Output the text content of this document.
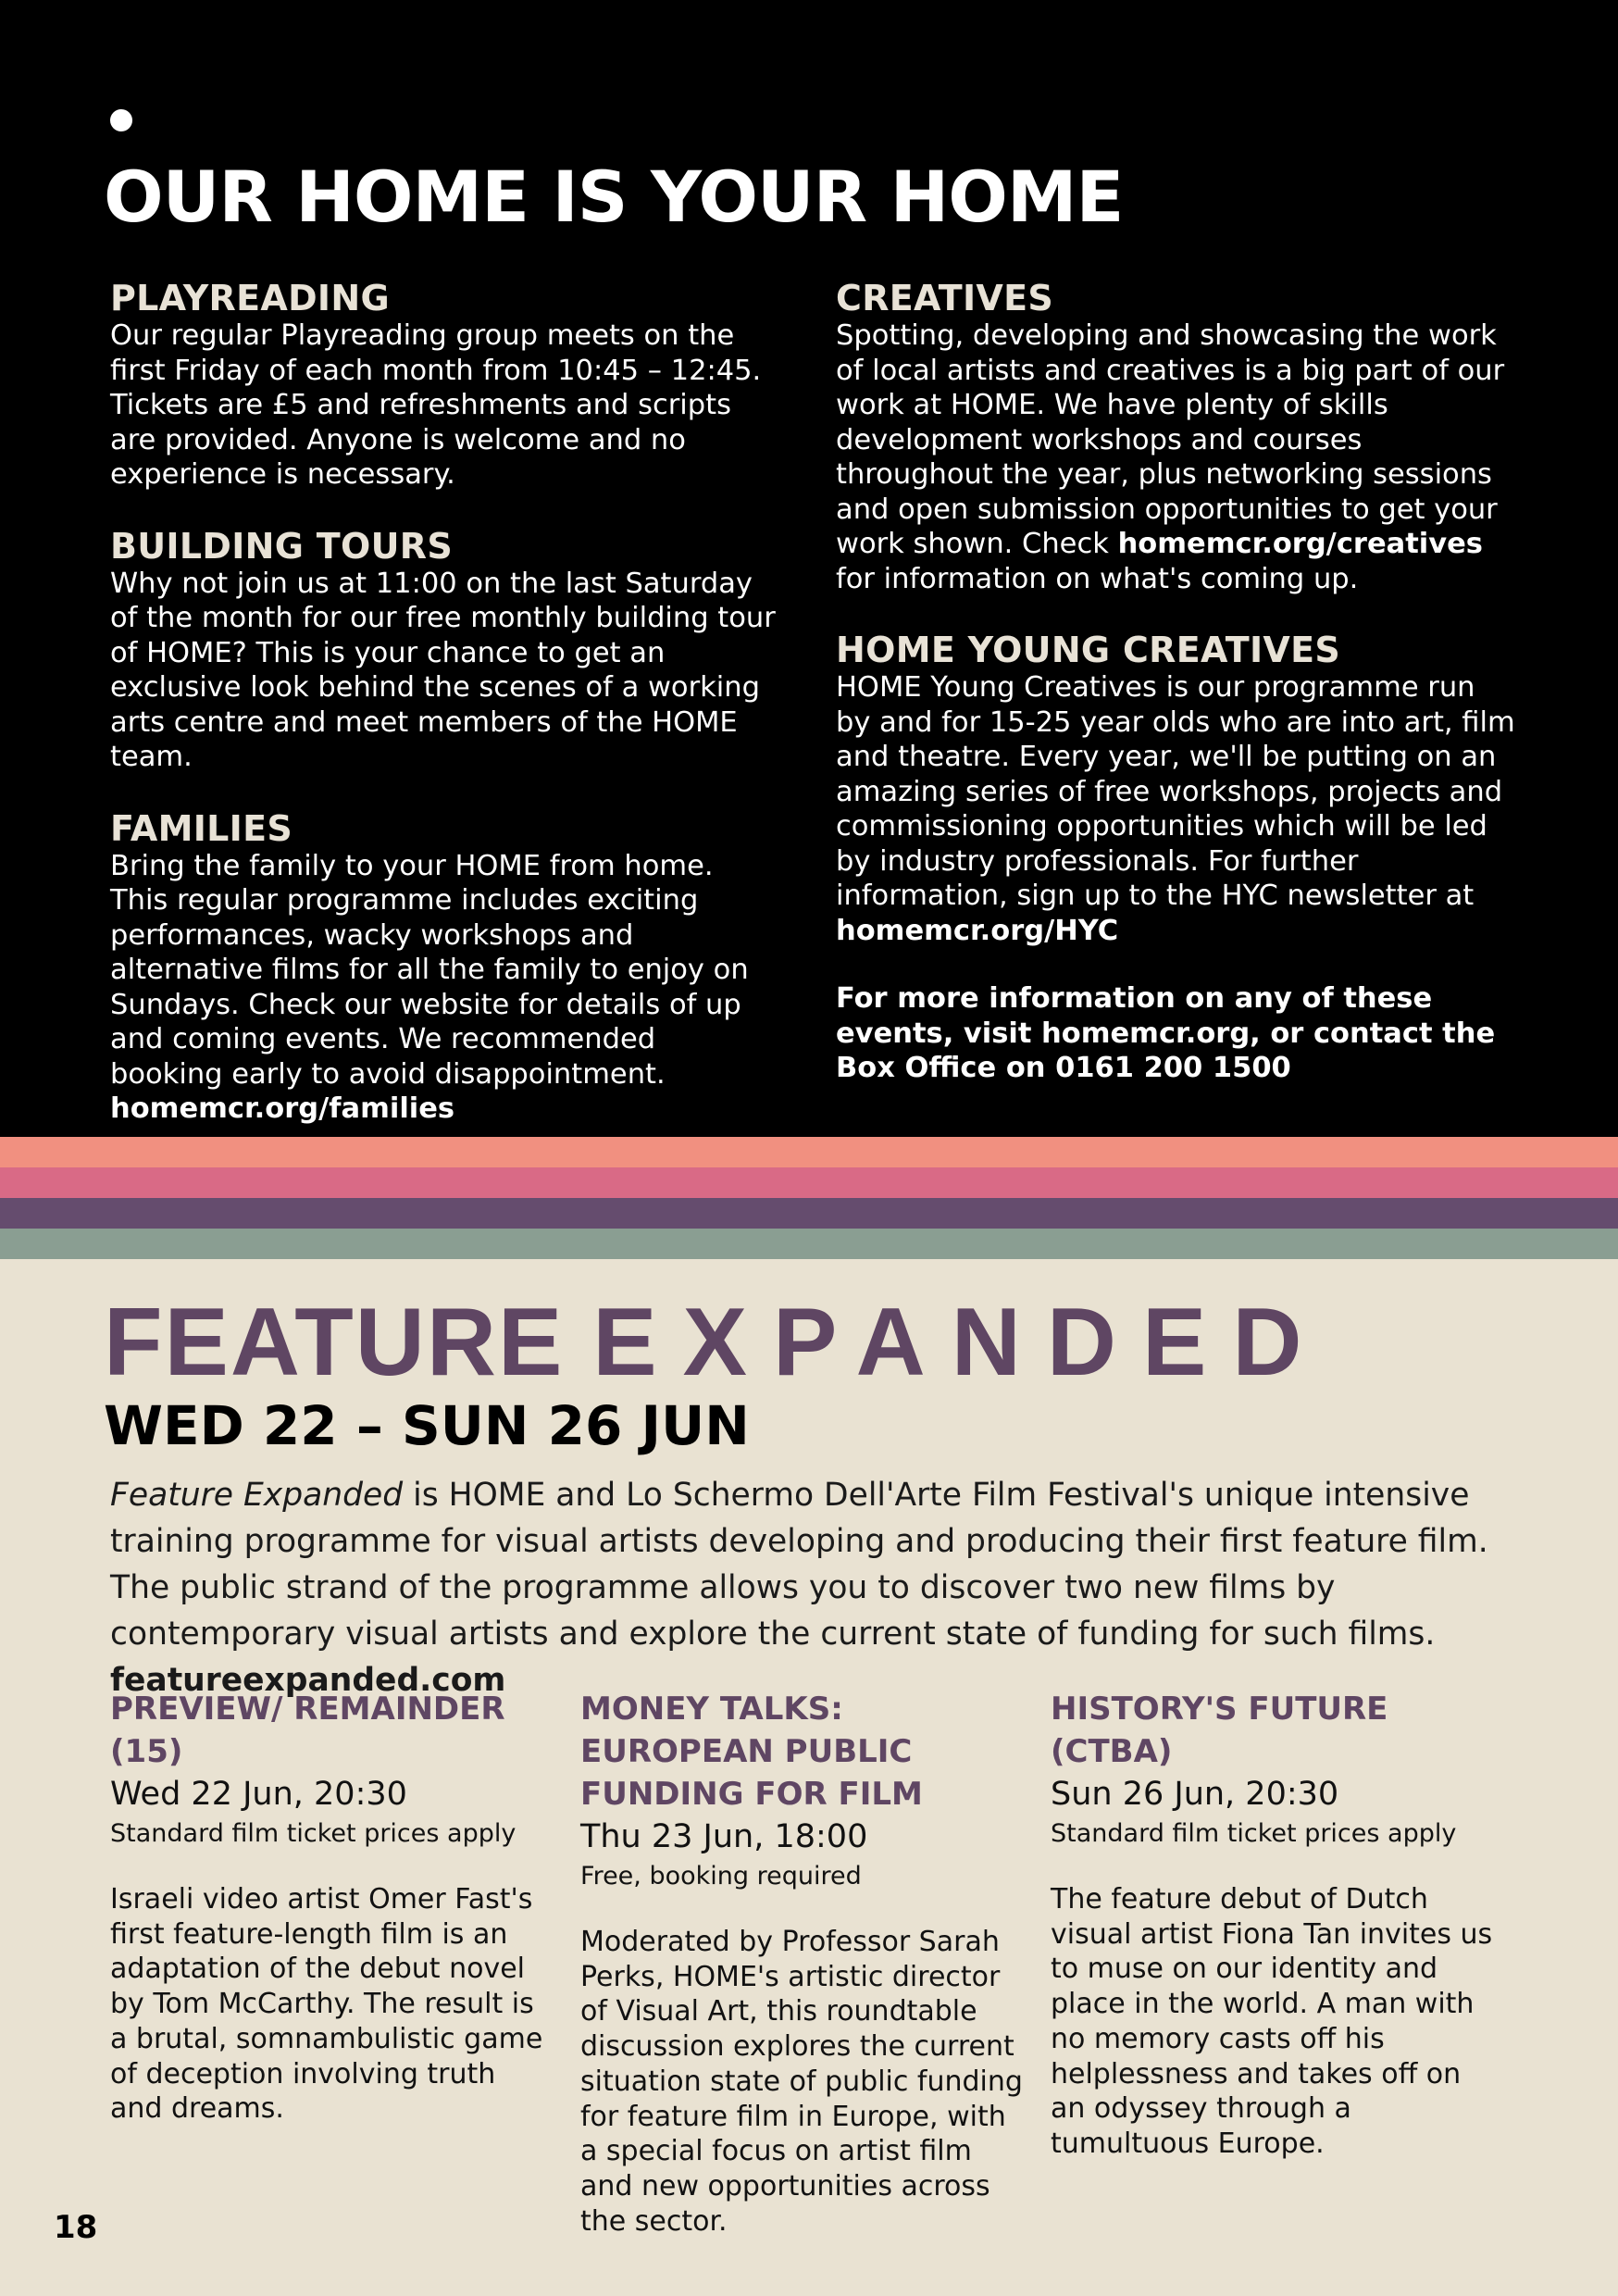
OUR HOME IS YOUR HOME
PLAYREADING

Our regular Playreading group meets on the first Friday of each month from 10:45 – 12:45. Tickets are £5 and refreshments and scripts are provided. Anyone is welcome and no experience is necessary.

BUILDING TOURS

Why not join us at 11:00 on the last Saturday of the month for our free monthly building tour of HOME? This is your chance to get an exclusive look behind the scenes of a working arts centre and meet members of the HOME team.

FAMILIES

Bring the family to your HOME from home. This regular programme includes exciting performances, wacky workshops and alternative films for all the family to enjoy on Sundays. Check our website for details of up and coming events. We recommended booking early to avoid disappointment. homemcr.org/families

CREATIVES

Spotting, developing and showcasing the work of local artists and creatives is a big part of our work at HOME. We have plenty of skills development workshops and courses throughout the year, plus networking sessions and open submission opportunities to get your work shown. Check homemcr.org/creatives for information on what's coming up.

HOME YOUNG CREATIVES

HOME Young Creatives is our programme run by and for 15-25 year olds who are into art, film and theatre. Every year, we'll be putting on an amazing series of free workshops, projects and commissioning opportunities which will be led by industry professionals. For further information, sign up to the HYC newsletter at homemcr.org/HYC

For more information on any of these events, visit homemcr.org, or contact the Box Office on 0161 200 1500

FEATURE EXPANDED
WED 22 – SUN 26 JUN

Feature Expanded is HOME and Lo Schermo Dell'Arte Film Festival's unique intensive training programme for visual artists developing and producing their first feature film. The public strand of the programme allows you to discover two new films by contemporary visual artists and explore the current state of funding for such films. featureexpanded.com

PREVIEW/ REMAINDER (15)

Wed 22 Jun, 20:30

Standard film ticket prices apply

Israeli video artist Omer Fast's first feature-length film is an adaptation of the debut novel by Tom McCarthy. The result is a brutal, somnambulistic game of deception involving truth and dreams.

MONEY TALKS: EUROPEAN PUBLIC FUNDING FOR FILM

Thu 23 Jun, 18:00

Free, booking required

Moderated by Professor Sarah Perks, HOME's artistic director of Visual Art, this roundtable discussion explores the current situation state of public funding for feature film in Europe, with a special focus on artist film and new opportunities across the sector.

HISTORY'S FUTURE (CTBA)

Sun 26 Jun, 20:30

Standard film ticket prices apply

The feature debut of Dutch visual artist Fiona Tan invites us to muse on our identity and place in the world. A man with no memory casts off his helplessness and takes off on an odyssey through a tumultuous Europe.

18
